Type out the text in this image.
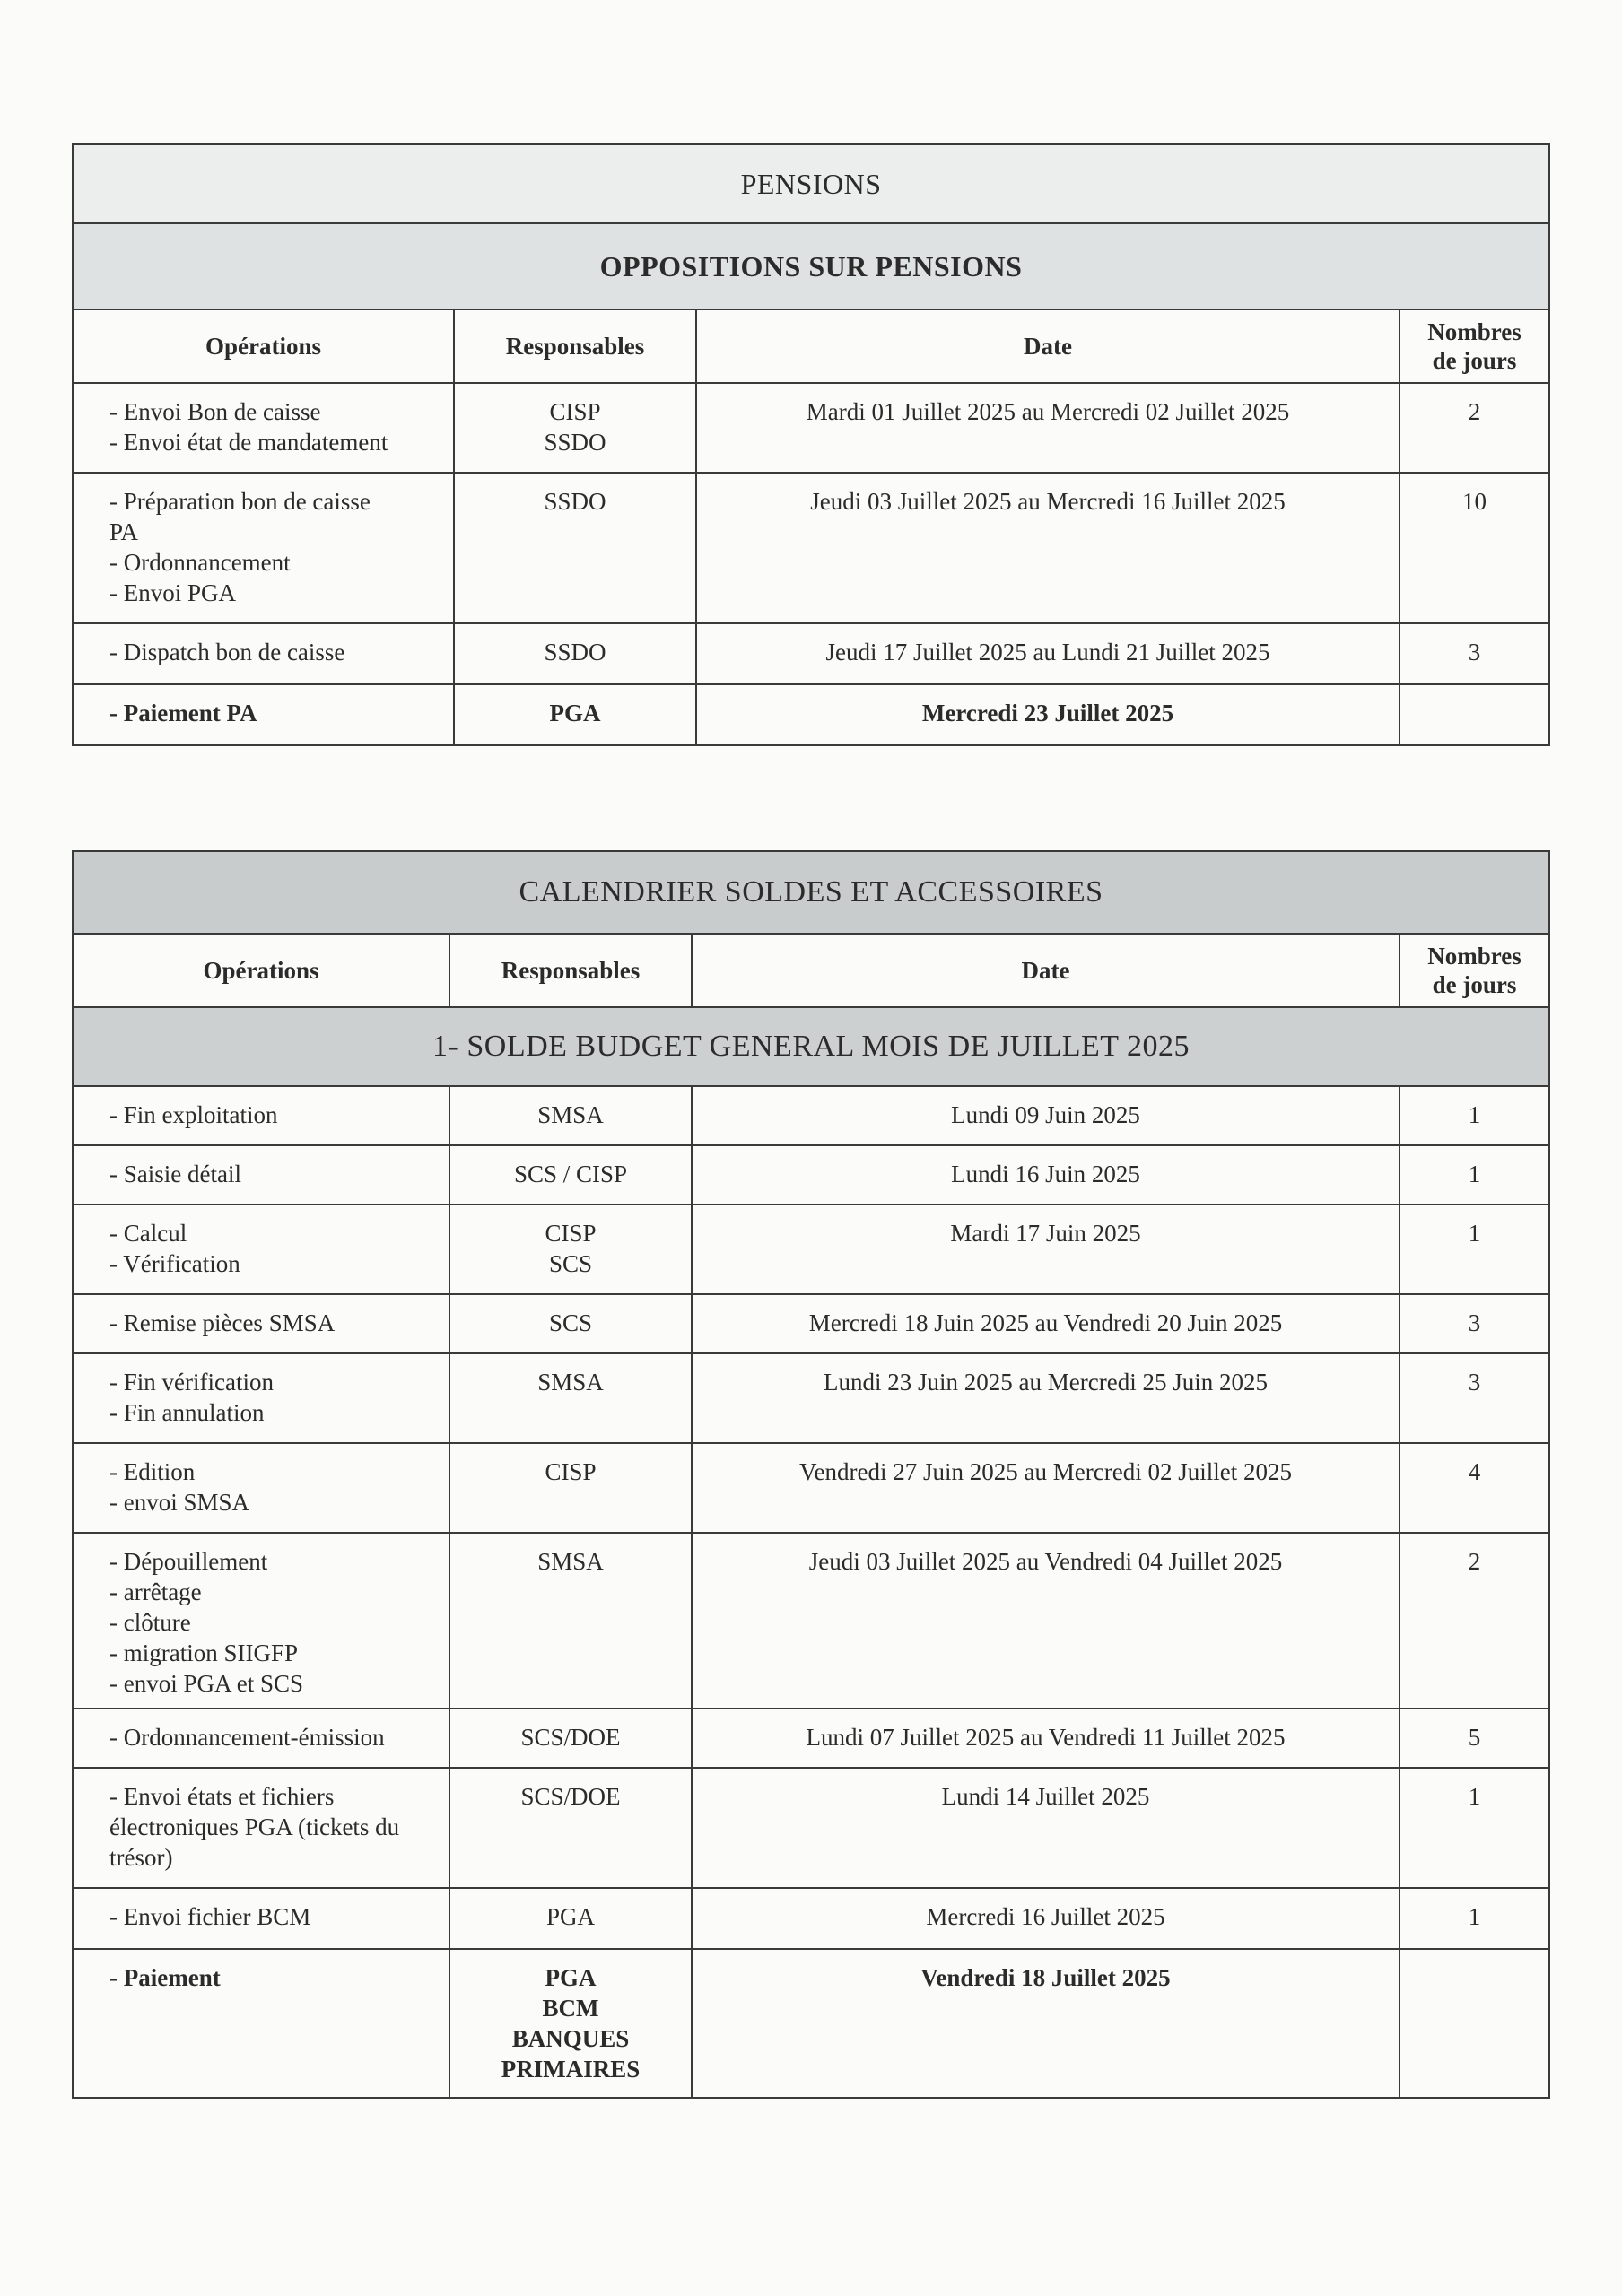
PENSIONS			
OPPOSITIONS SUR PENSIONS			
Opérations	Responsables	Date	Nombres
de jours

- Envoi Bon de caisse
- Envoi état de mandatement	CISP
SSDO	Mardi 01 Juillet 2025 au Mercredi 02 Juillet 2025	2

- Préparation bon de caisse
PA
- Ordonnancement
- Envoi PGA	SSDO	Jeudi 03 Juillet 2025 au Mercredi 16 Juillet 2025	10

- Dispatch bon de caisse	SSDO	Jeudi 17 Juillet 2025 au Lundi 21 Juillet 2025	3

- Paiement PA	PGA	Mercredi 23 Juillet 2025	
CALENDRIER SOLDES ET ACCESSOIRES			
Opérations	Responsables	Date	Nombres
de jours

1- SOLDE BUDGET GENERAL MOIS DE JUILLET 2025			

- Fin exploitation	SMSA	Lundi 09 Juin 2025	1

- Saisie détail	SCS / CISP	Lundi 16 Juin 2025	1

- Calcul
- Vérification	CISP
SCS	Mardi 17 Juin 2025	1

- Remise pièces SMSA	SCS	Mercredi 18 Juin 2025 au Vendredi 20 Juin 2025	3

- Fin vérification
- Fin annulation	SMSA	Lundi 23 Juin 2025 au Mercredi 25 Juin 2025	3

- Edition
- envoi SMSA	CISP	Vendredi 27 Juin 2025 au Mercredi 02 Juillet 2025	4

- Dépouillement
- arrêtage
- clôture
- migration SIIGFP
- envoi PGA et SCS	SMSA	Jeudi 03 Juillet 2025 au Vendredi 04 Juillet 2025	2

- Ordonnancement-émission	SCS/DOE	Lundi 07 Juillet 2025 au Vendredi 11 Juillet 2025	5

- Envoi états et fichiers
électroniques PGA (tickets du
trésor)	SCS/DOE	Lundi 14 Juillet 2025	1

- Envoi fichier BCM	PGA	Mercredi 16 Juillet 2025	1

- Paiement	PGA
BCM
BANQUES
PRIMAIRES	Vendredi 18 Juillet 2025	
